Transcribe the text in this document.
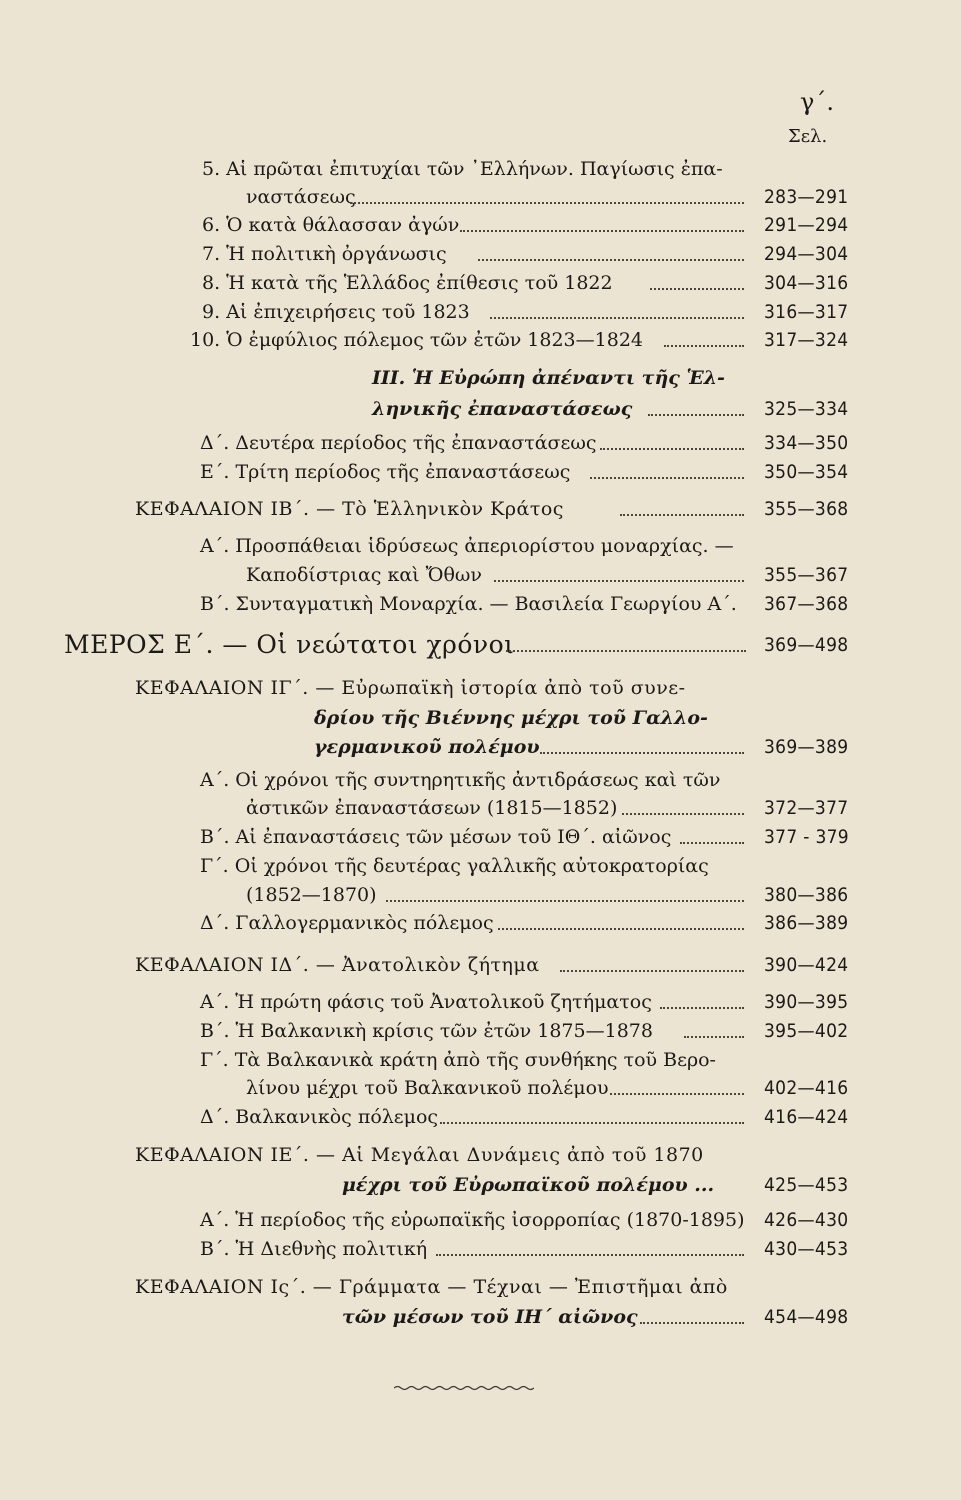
γ΄.
Σελ.
5. Αἱ πρῶται ἐπιτυχίαι τῶν ᾿Ελλήνων. Παγίωσις ἐπα-
ναστάσεως	283—291
6. Ὁ κατὰ θάλασσαν ἀγών	291—294
7. Ἡ πολιτικὴ ὀργάνωσις	294—304
8. Ἡ κατὰ τῆς Ἑλλάδος ἐπίθεσις τοῦ 1822	304—316
9. Αἱ ἐπιχειρήσεις τοῦ 1823	316—317
10. Ὁ ἐμφύλιος πόλεμος τῶν ἐτῶν 1823—1824	317—324
III. Ἡ Εὐρώπη ἀπέναντι τῆς Ἑλ-
ληνικῆς ἐπαναστάσεως	325—334
Δ΄. Δευτέρα περίοδος τῆς ἐπαναστάσεως	334—350
Ε΄. Τρίτη περίοδος τῆς ἐπαναστάσεως	350—354
ΚΕΦΑΛΑΙΟΝ ΙΒ΄. — Τὸ Ἑλληνικὸν Κράτος	355—368
Α΄. Προσπάθειαι ἱδρύσεως ἀπεριορίστου μοναρχίας. —
Καποδίστριας καὶ Ὄθων	355—367
Β΄. Συνταγματικὴ Μοναρχία. — Βασιλεία Γεωργίου Α΄. 367—368
ΜΕΡΟΣ Ε΄. — Οἱ νεώτατοι χρόνοι	369—498
ΚΕΦΑΛΑΙΟΝ ΙΓ΄. — Εὐρωπαϊκὴ ἱστορία ἀπὸ τοῦ συνε-
δρίου τῆς Βιέννης μέχρι τοῦ Γαλλο-
γερμανικοῦ πολέμου	369—389
Α΄. Οἱ χρόνοι τῆς συντηρητικῆς ἀντιδράσεως καὶ τῶν
ἀστικῶν ἐπαναστάσεων (1815—1852)	372—377
Β΄. Αἱ ἐπαναστάσεις τῶν μέσων τοῦ ΙΘ΄. αἰῶνος	377 - 379
Γ΄. Οἱ χρόνοι τῆς δευτέρας γαλλικῆς αὐτοκρατορίας
(1852—1870)	380—386
Δ΄. Γαλλογερμανικὸς πόλεμος	386—389
ΚΕΦΑΛΑΙΟΝ ΙΔ΄. — Ἀνατολικὸν ζήτημα	390—424
Α΄. Ἡ πρώτη φάσις τοῦ Ἀνατολικοῦ ζητήματος	390—395
Β΄. Ἡ Βαλκανικὴ κρίσις τῶν ἐτῶν 1875—1878	395—402
Γ΄. Τὰ Βαλκανικὰ κράτη ἀπὸ τῆς συνθήκης τοῦ Βερο-
λίνου μέχρι τοῦ Βαλκανικοῦ πολέμου	402—416
Δ΄. Βαλκανικὸς πόλεμος	416—424
ΚΕΦΑΛΑΙΟΝ ΙΕ΄. — Αἱ Μεγάλαι Δυνάμεις ἀπὸ τοῦ 1870
μέχρι τοῦ Εὐρωπαϊκοῦ πολέμου ...	425—453
Α΄. Ἡ περίοδος τῆς εὐρωπαϊκῆς ἰσορροπίας (1870-1895) 426—430
Β΄. Ἡ Διεθνὴς πολιτική	430—453
ΚΕΦΑΛΑΙΟΝ Ις΄. — Γράμματα — Τέχναι — Ἐπιστῆμαι ἀπὸ
τῶν μέσων τοῦ ΙΗ΄ αἰῶνος	454—498
